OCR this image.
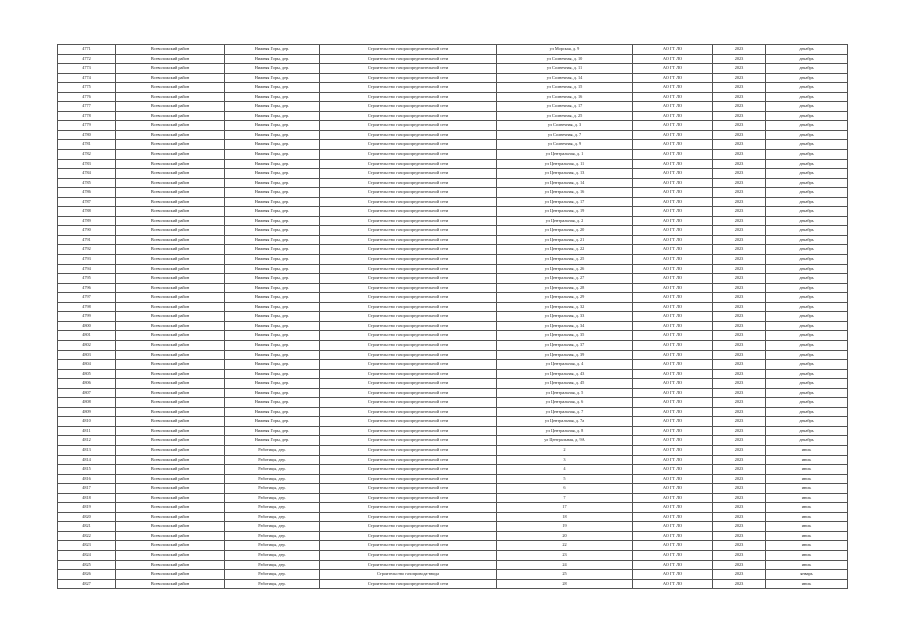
4771	Всеволожский район	Нижняя Горы, дер.	Строительство газораспределительной сети	ул Морская, д. 9	АО ГТ ЛО	2023	декабрь
4772	Всеволожский район	Нижняя Горы, дер.	Строительство газораспределительной сети	ул Солнечная, д. 10	АО ГТ ЛО	2023	декабрь
4773	Всеволожский район	Нижняя Горы, дер.	Строительство газораспределительной сети	ул Солнечная, д. 11	АО ГТ ЛО	2023	декабрь
4774	Всеволожский район	Нижняя Горы, дер.	Строительство газораспределительной сети	ул Солнечная, д. 14	АО ГТ ЛО	2023	декабрь
4775	Всеволожский район	Нижняя Горы, дер.	Строительство газораспределительной сети	ул Солнечная, д. 15	АО ГТ ЛО	2023	декабрь
4776	Всеволожский район	Нижняя Горы, дер.	Строительство газораспределительной сети	ул Солнечная, д. 16	АО ГТ ЛО	2023	декабрь
4777	Всеволожский район	Нижняя Горы, дер.	Строительство газораспределительной сети	ул Солнечная, д. 17	АО ГТ ЛО	2023	декабрь
4778	Всеволожский район	Нижняя Горы, дер.	Строительство газораспределительной сети	ул Солнечная, д. 25	АО ГТ ЛО	2023	декабрь
4779	Всеволожский район	Нижняя Горы, дер.	Строительство газораспределительной сети	ул Солнечная, д. 3	АО ГТ ЛО	2023	декабрь
4780	Всеволожский район	Нижняя Горы, дер.	Строительство газораспределительной сети	ул Солнечная, д. 7	АО ГТ ЛО	2023	декабрь
4781	Всеволожский район	Нижняя Горы, дер.	Строительство газораспределительной сети	ул Солнечная, д. 9	АО ГТ ЛО	2023	декабрь
4782	Всеволожский район	Нижняя Горы, дер.	Строительство газораспределительной сети	ул Центральная, д. 1	АО ГТ ЛО	2023	декабрь
4783	Всеволожский район	Нижняя Горы, дер.	Строительство газораспределительной сети	ул Центральная, д. 11	АО ГТ ЛО	2023	декабрь
4784	Всеволожский район	Нижняя Горы, дер.	Строительство газораспределительной сети	ул Центральная, д. 13	АО ГТ ЛО	2023	декабрь
4785	Всеволожский район	Нижняя Горы, дер.	Строительство газораспределительной сети	ул Центральная, д. 14	АО ГТ ЛО	2023	декабрь
4786	Всеволожский район	Нижняя Горы, дер.	Строительство газораспределительной сети	ул Центральная, д. 16	АО ГТ ЛО	2023	декабрь
4787	Всеволожский район	Нижняя Горы, дер.	Строительство газораспределительной сети	ул Центральная, д. 17	АО ГТ ЛО	2023	декабрь
4788	Всеволожский район	Нижняя Горы, дер.	Строительство газораспределительной сети	ул Центральная, д. 19	АО ГТ ЛО	2023	декабрь
4789	Всеволожский район	Нижняя Горы, дер.	Строительство газораспределительной сети	ул Центральная, д. 2	АО ГТ ЛО	2023	декабрь
4790	Всеволожский район	Нижняя Горы, дер.	Строительство газораспределительной сети	ул Центральная, д. 20	АО ГТ ЛО	2023	декабрь
4791	Всеволожский район	Нижняя Горы, дер.	Строительство газораспределительной сети	ул Центральная, д. 21	АО ГТ ЛО	2023	декабрь
4792	Всеволожский район	Нижняя Горы, дер.	Строительство газораспределительной сети	ул Центральная, д. 22	АО ГТ ЛО	2023	декабрь
4793	Всеволожский район	Нижняя Горы, дер.	Строительство газораспределительной сети	ул Центральная, д. 25	АО ГТ ЛО	2023	декабрь
4794	Всеволожский район	Нижняя Горы, дер.	Строительство газораспределительной сети	ул Центральная, д. 26	АО ГТ ЛО	2023	декабрь
4795	Всеволожский район	Нижняя Горы, дер.	Строительство газораспределительной сети	ул Центральная, д. 27	АО ГТ ЛО	2023	декабрь
4796	Всеволожский район	Нижняя Горы, дер.	Строительство газораспределительной сети	ул Центральная, д. 28	АО ГТ ЛО	2023	декабрь
4797	Всеволожский район	Нижняя Горы, дер.	Строительство газораспределительной сети	ул Центральная, д. 29	АО ГТ ЛО	2023	декабрь
4798	Всеволожский район	Нижняя Горы, дер.	Строительство газораспределительной сети	ул Центральная, д. 32	АО ГТ ЛО	2023	декабрь
4799	Всеволожский район	Нижняя Горы, дер.	Строительство газораспределительной сети	ул Центральная, д. 33	АО ГТ ЛО	2023	декабрь
4800	Всеволожский район	Нижняя Горы, дер.	Строительство газораспределительной сети	ул Центральная, д. 34	АО ГТ ЛО	2023	декабрь
4801	Всеволожский район	Нижняя Горы, дер.	Строительство газораспределительной сети	ул Центральная, д. 35	АО ГТ ЛО	2023	декабрь
4802	Всеволожский район	Нижняя Горы, дер.	Строительство газораспределительной сети	ул Центральная, д. 37	АО ГТ ЛО	2023	декабрь
4803	Всеволожский район	Нижняя Горы, дер.	Строительство газораспределительной сети	ул Центральная, д. 39	АО ГТ ЛО	2023	декабрь
4804	Всеволожский район	Нижняя Горы, дер.	Строительство газораспределительной сети	ул Центральная, д. 4	АО ГТ ЛО	2023	декабрь
4805	Всеволожский район	Нижняя Горы, дер.	Строительство газораспределительной сети	ул Центральная, д. 43	АО ГТ ЛО	2023	декабрь
4806	Всеволожский район	Нижняя Горы, дер.	Строительство газораспределительной сети	ул Центральная, д. 45	АО ГТ ЛО	2023	декабрь
4807	Всеволожский район	Нижняя Горы, дер.	Строительство газораспределительной сети	ул Центральная, д. 5	АО ГТ ЛО	2023	декабрь
4808	Всеволожский район	Нижняя Горы, дер.	Строительство газораспределительной сети	ул Центральная, д. 6	АО ГТ ЛО	2023	декабрь
4809	Всеволожский район	Нижняя Горы, дер.	Строительство газораспределительной сети	ул Центральная, д. 7	АО ГТ ЛО	2023	декабрь
4810	Всеволожский район	Нижняя Горы, дер.	Строительство газораспределительной сети	ул Центральная, д. 7а	АО ГТ ЛО	2023	декабрь
4811	Всеволожский район	Нижняя Горы, дер.	Строительство газораспределительной сети	ул Центральная, д. 8	АО ГТ ЛО	2023	декабрь
4812	Всеволожский район	Нижняя Горы, дер.	Строительство газораспределительной сети	ул Центральная, д. 9А	АО ГТ ЛО	2023	декабрь
4813	Всеволожский район	Работицы, дер.	Строительство газораспределительной сети	2	АО ГТ ЛО	2023	июль
4814	Всеволожский район	Работицы, дер.	Строительство газораспределительной сети	3	АО ГТ ЛО	2023	июль
4815	Всеволожский район	Работицы, дер.	Строительство газораспределительной сети	4	АО ГТ ЛО	2023	июль
4816	Всеволожский район	Работицы, дер.	Строительство газораспределительной сети	5	АО ГТ ЛО	2023	июль
4817	Всеволожский район	Работицы, дер.	Строительство газораспределительной сети	6	АО ГТ ЛО	2023	июль
4818	Всеволожский район	Работицы, дер.	Строительство газораспределительной сети	7	АО ГТ ЛО	2023	июль
4819	Всеволожский район	Работицы, дер.	Строительство газораспределительной сети	17	АО ГТ ЛО	2023	июль
4820	Всеволожский район	Работицы, дер.	Строительство газораспределительной сети	18	АО ГТ ЛО	2023	июль
4821	Всеволожский район	Работицы, дер.	Строительство газораспределительной сети	19	АО ГТ ЛО	2023	июль
4822	Всеволожский район	Работицы, дер.	Строительство газораспределительной сети	20	АО ГТ ЛО	2023	июль
4823	Всеволожский район	Работицы, дер.	Строительство газораспределительной сети	22	АО ГТ ЛО	2023	июль
4824	Всеволожский район	Работицы, дер.	Строительство газораспределительной сети	23	АО ГТ ЛО	2023	июль
4825	Всеволожский район	Работицы, дер.	Строительство газораспределительной сети	24	АО ГТ ЛО	2023	июль
4826	Всеволожский район	Работицы, дер.	Строительство газопровода-ввода	25	АО ГТ ЛО	2023	январь
4827	Всеволожский район	Работицы, дер.	Строительство газораспределительной сети	28	АО ГТ ЛО	2023	июль
